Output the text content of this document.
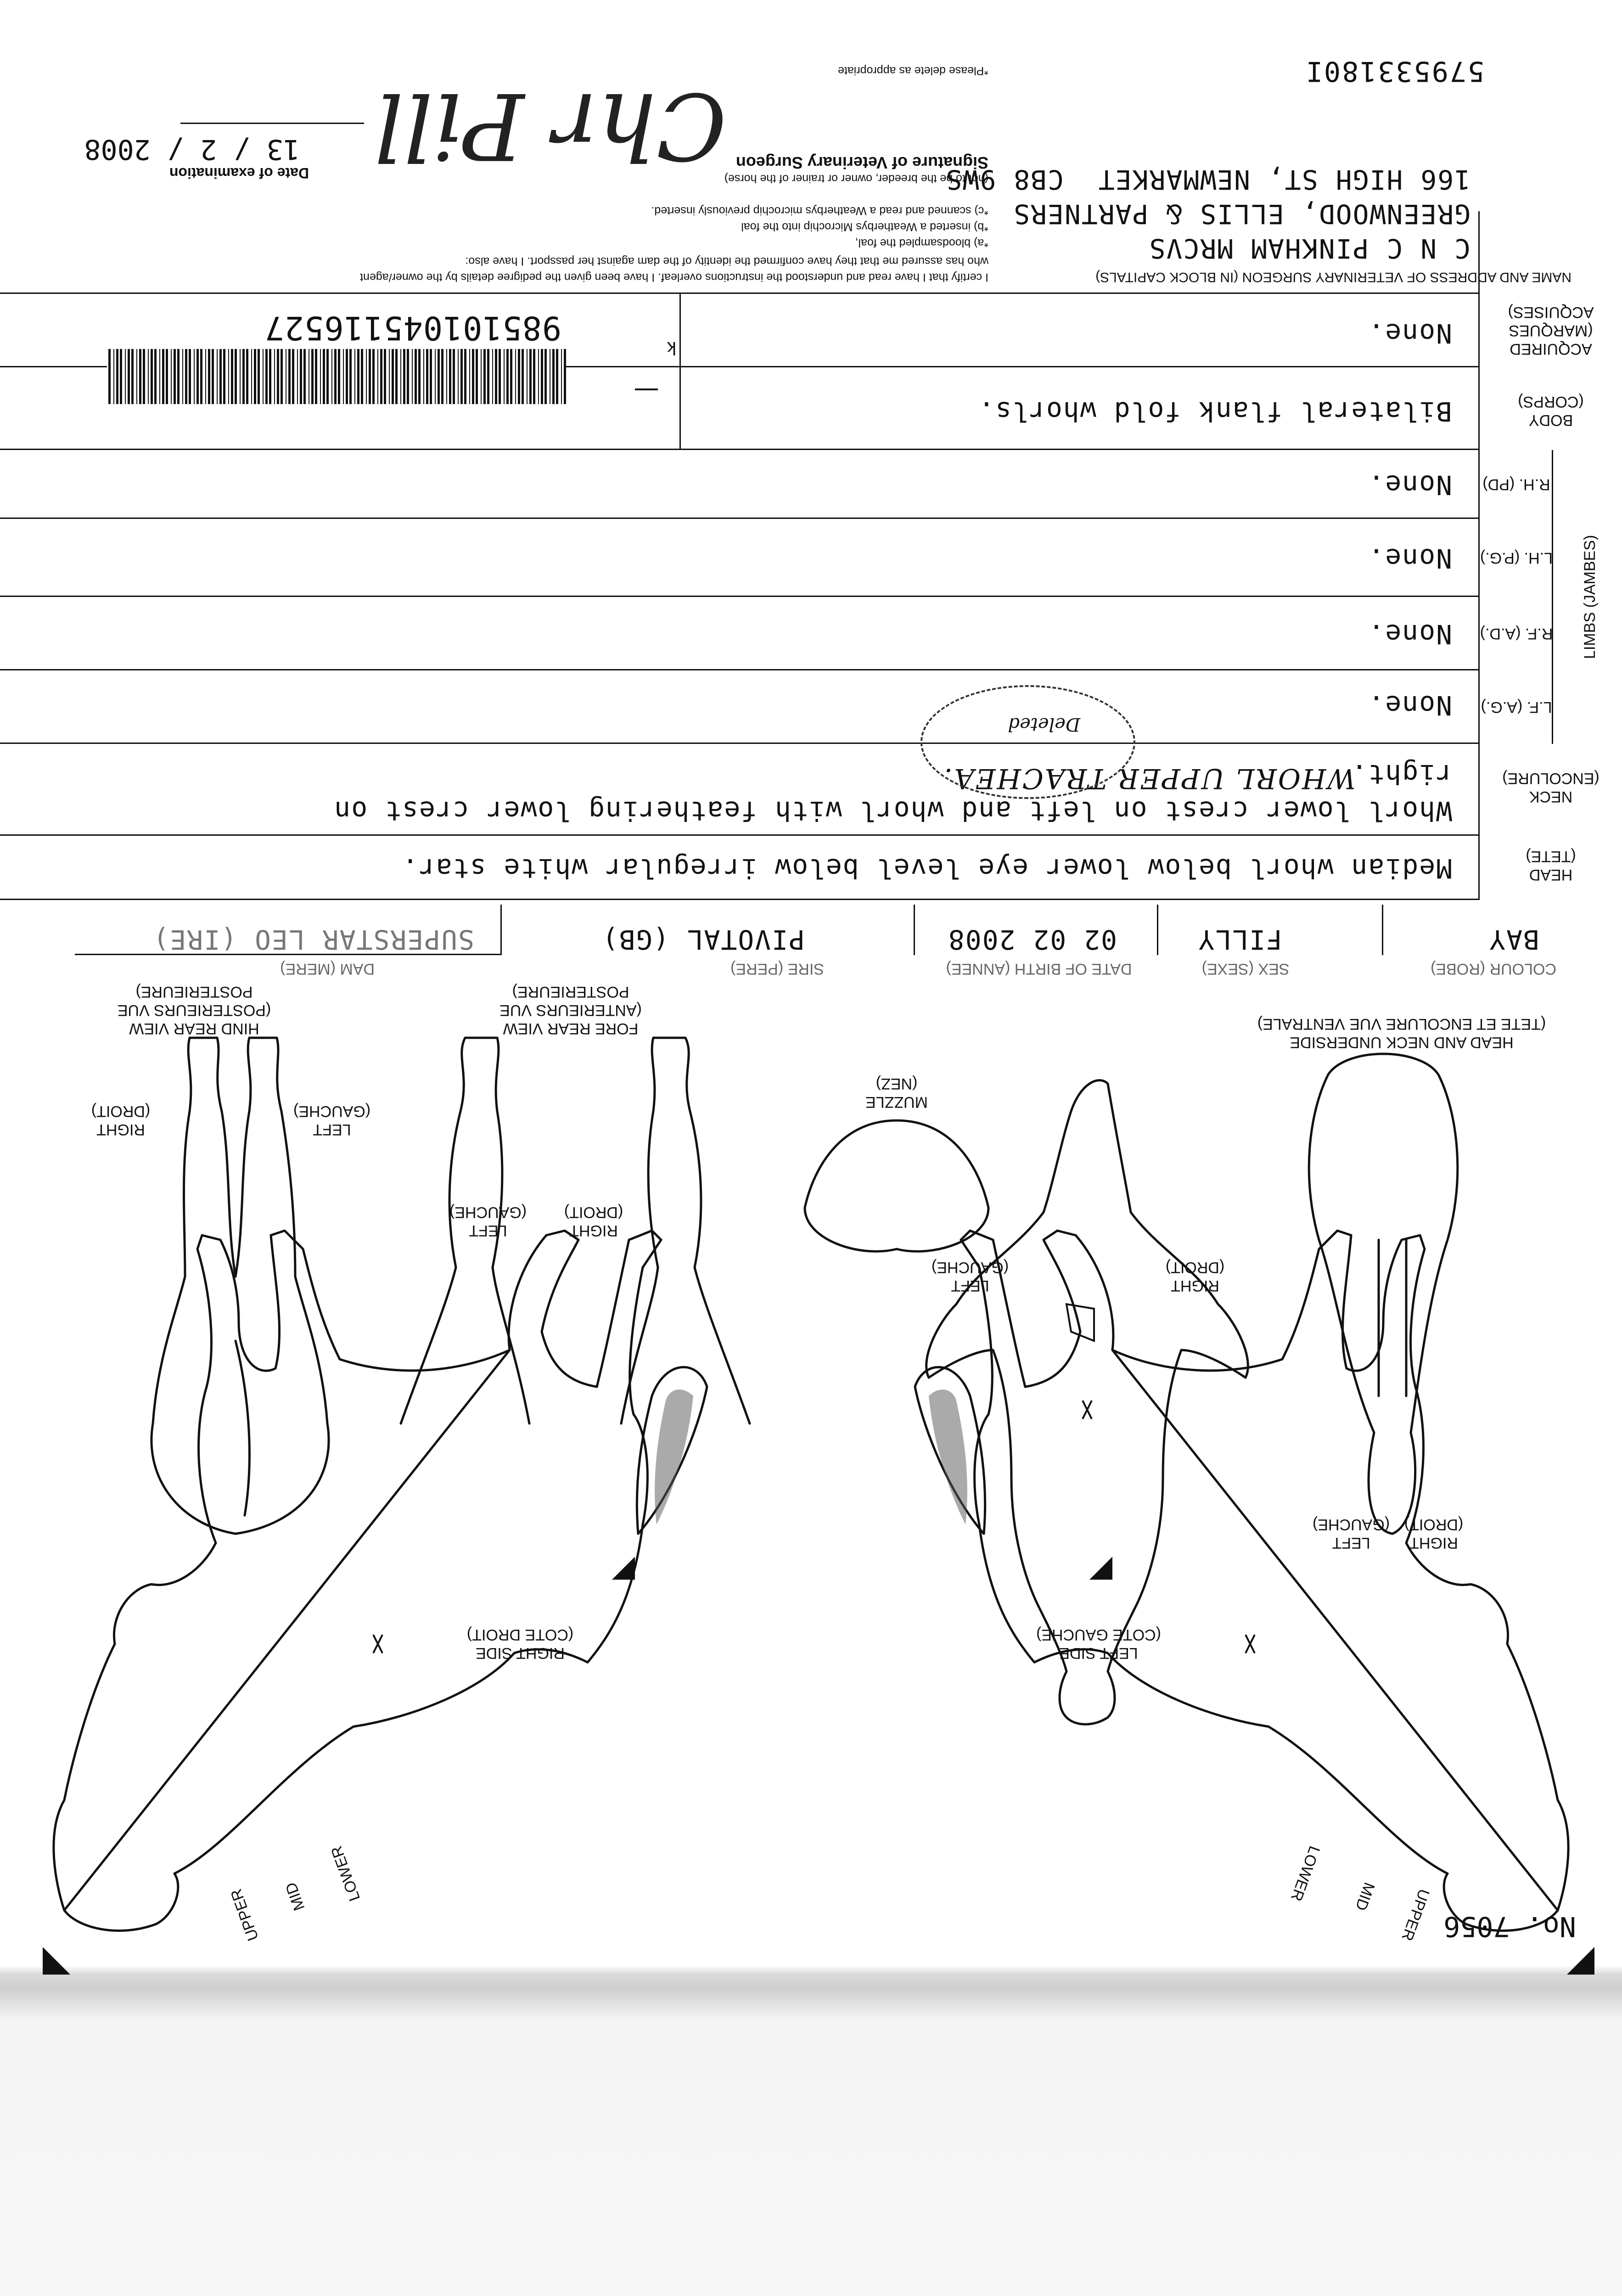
No. 7056
LEFT SIDE
(COTE GAUCHE)
RIGHT SIDE
(COTE DROIT)
HEAD AND NECK UNDERSIDE
(TETE ET ENCOLURE VUE VENTRALE)
MUZZLE
(NEZ)
FORE REAR VIEW
(ANTERIEURS VUE
POSTERIEURE)
HIND REAR VIEW
(POSTERIEURS VUE
POSTERIEURE)
LEFT
(GAUCHE)
RIGHT
(DROIT)
RIGHT
(DROIT)
LEFT
(GAUCHE)
RIGHT
(DROIT)
LEFT
(GAUCHE)
LEFT
(GAUCHE)
RIGHT
(DROIT)
UPPER
MID
LOWER
UPPER MID LOWER
COLOUR (ROBE)
SEX (SEXE)
DATE OF BIRTH (ANNEE)
SIRE (PERE)
DAM (MERE)
BAY
FILLY
02 02 2008
PIVOTAL (GB)
SUPERSTAR LEO (IRE)
HEAD
(TETE)
NECK
(ENCOLURE)
LIMBS (JAMBES)
L.F. (A.G.)
R.F. (A.D.)
L.H. (P.G.)
R.H. (PD)
BODY
(CORPS)
ACQUIRED
(MARQUES
ACQUISES)
Median whorl below lower eye level below irregular white star.
Whorl lower crest on left and whorl with feathering lower crest on
right.
WHORL UPPER TRACHEA.
Deleted
None.
None.
None.
None.
Bilateral flank fold whorls.
None.
985101045116527
k
NAME AND ADDRESS OF VETERINARY SURGEON (IN BLOCK CAPITALS)
C N C PINKHAM MRCVS
GREENWOOD, ELLIS & PARTNERS
166 HIGH ST, NEWMARKET  CB8 9WS
I certify that I have read and understood the instructions overleaf. I have been given the pedigree details by the owner/agent
who has assured me that they have confirmed the identity of the dam against her passport. I have also:
*a) bloodsampled the foal,
*b) inserted a Weatherbys Microchip into the foal
*c) scanned and read a Weatherbys microchip previously inserted.
(not to be the breeder, owner or trainer of the horse)
Signature of Veterinary Surgeon
Chr Pill
*Please delete as appropriate
Date of examination
13 / 2 / 2008
579533180I
